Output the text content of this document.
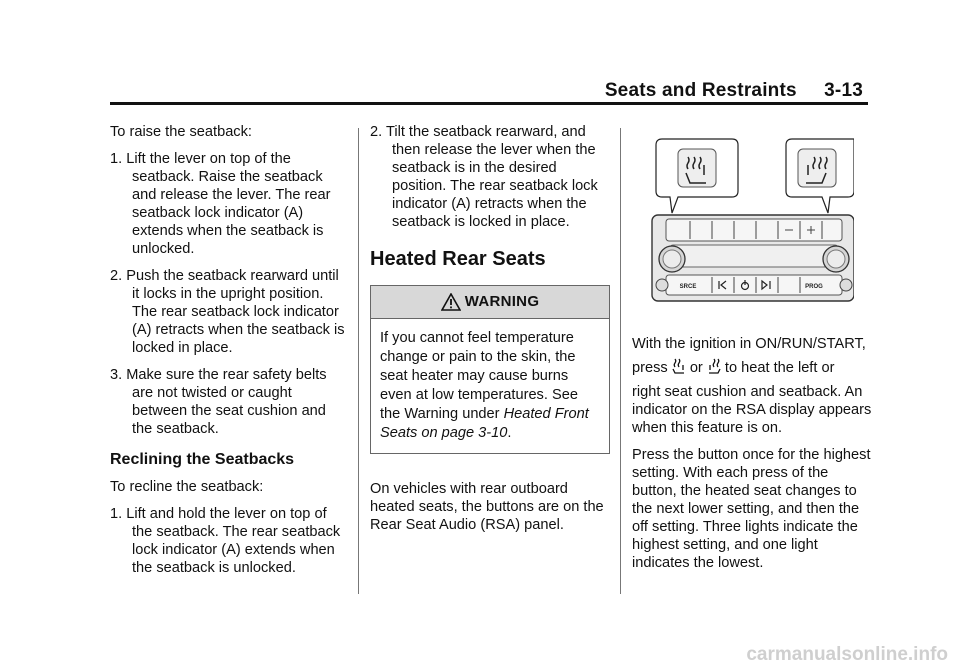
Seats and Restraints     3-13

To raise the seatback:

1. Lift the lever on top of the seatback. Raise the seatback and release the lever. The rear seatback lock indicator (A) extends when the seatback is unlocked.
2. Push the seatback rearward until it locks in the upright position. The rear seatback lock indicator (A) retracts when the seatback is locked in place.
3. Make sure the rear safety belts are not twisted or caught between the seat cushion and the seatback.
Reclining the Seatbacks

To recline the seatback:

1. Lift and hold the lever on top of the seatback. The rear seatback lock indicator (A) extends when the seatback is unlocked.
2. Tilt the seatback rearward, and then release the lever when the seatback is in the desired position. The rear seatback lock indicator (A) retracts when the seatback is locked in place.
Heated Rear Seats
WARNING
If you cannot feel temperature change or pain to the skin, the seat heater may cause burns even at low temperatures. See the Warning under Heated Front Seats on page 3‑10.

On vehicles with rear outboard heated seats, the buttons are on the Rear Seat Audio (RSA) panel.

SRCE	PROG

With the ignition in ON/RUN/START,
press or to heat the left or

right seat cushion and seatback. An indicator on the RSA display appears when this feature is on.

Press the button once for the highest setting. With each press of the button, the heated seat changes to the next lower setting, and then the off setting. Three lights indicate the highest setting, and one light indicates the lowest.

carmanualsonline.info
